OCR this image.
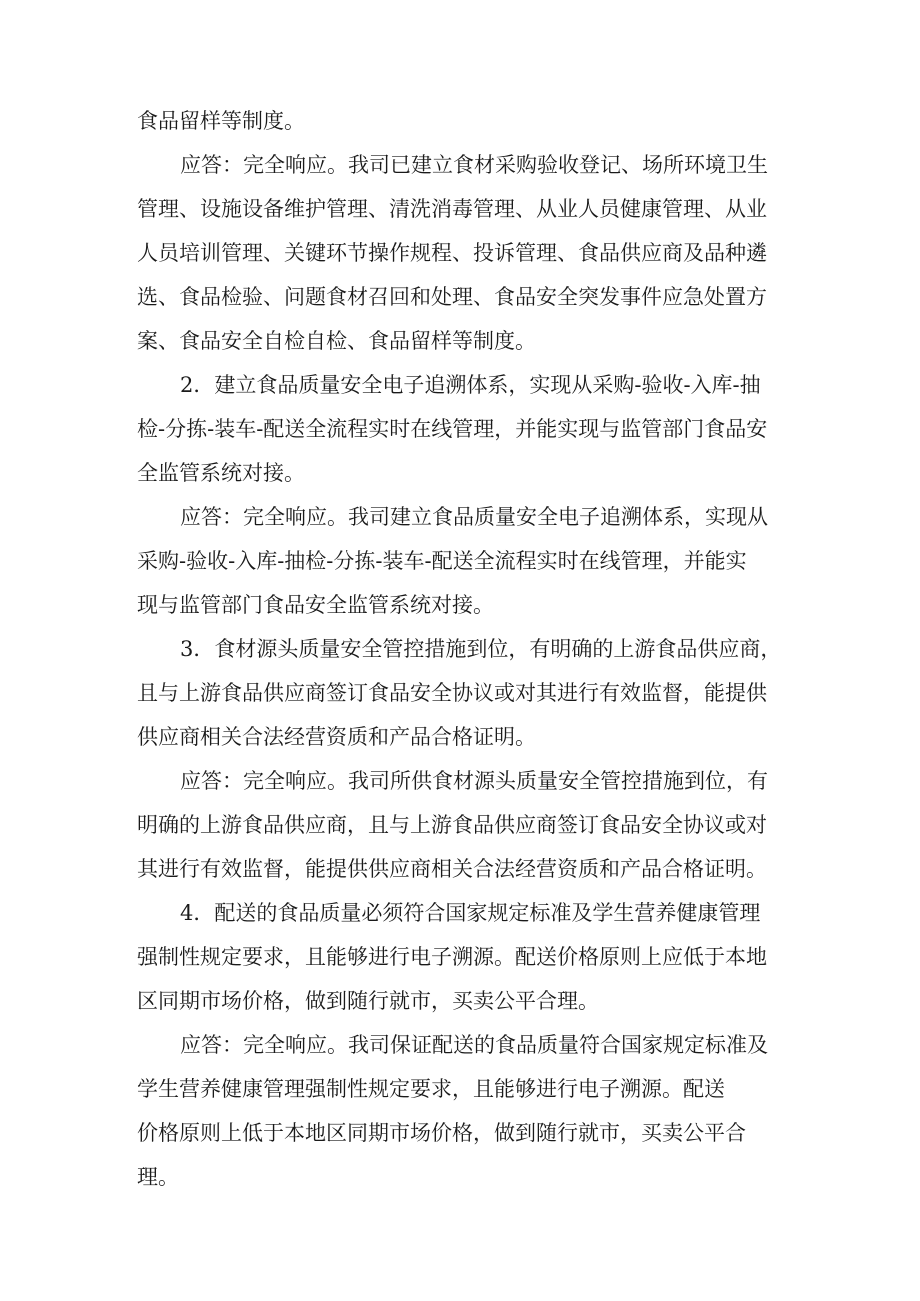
食品留样等制度。

应答：完全响应。我司已建立食材采购验收登记、场所环境卫生

管理、设施设备维护管理、清洗消毒管理、从业人员健康管理、从业

人员培训管理、关键环节操作规程、投诉管理、食品供应商及品种遴

选、食品检验、问题食材召回和处理、食品安全突发事件应急处置方

案、食品安全自检自检、食品留样等制度。

2．建立食品质量安全电子追溯体系，实现从采购-验收-入库-抽

检-分拣-装车-配送全流程实时在线管理，并能实现与监管部门食品安

全监管系统对接。

应答：完全响应。我司建立食品质量安全电子追溯体系，实现从

采购-验收-入库-抽检-分拣-装车-配送全流程实时在线管理，并能实

现与监管部门食品安全监管系统对接。

3．食材源头质量安全管控措施到位，有明确的上游食品供应商，

且与上游食品供应商签订食品安全协议或对其进行有效监督，能提供

供应商相关合法经营资质和产品合格证明。

应答：完全响应。我司所供食材源头质量安全管控措施到位，有

明确的上游食品供应商，且与上游食品供应商签订食品安全协议或对

其进行有效监督，能提供供应商相关合法经营资质和产品合格证明。

4．配送的食品质量必须符合国家规定标准及学生营养健康管理

强制性规定要求，且能够进行电子溯源。配送价格原则上应低于本地

区同期市场价格，做到随行就市，买卖公平合理。

应答：完全响应。我司保证配送的食品质量符合国家规定标准及

学生营养健康管理强制性规定要求，且能够进行电子溯源。配送

价格原则上低于本地区同期市场价格，做到随行就市，买卖公平合

理。
